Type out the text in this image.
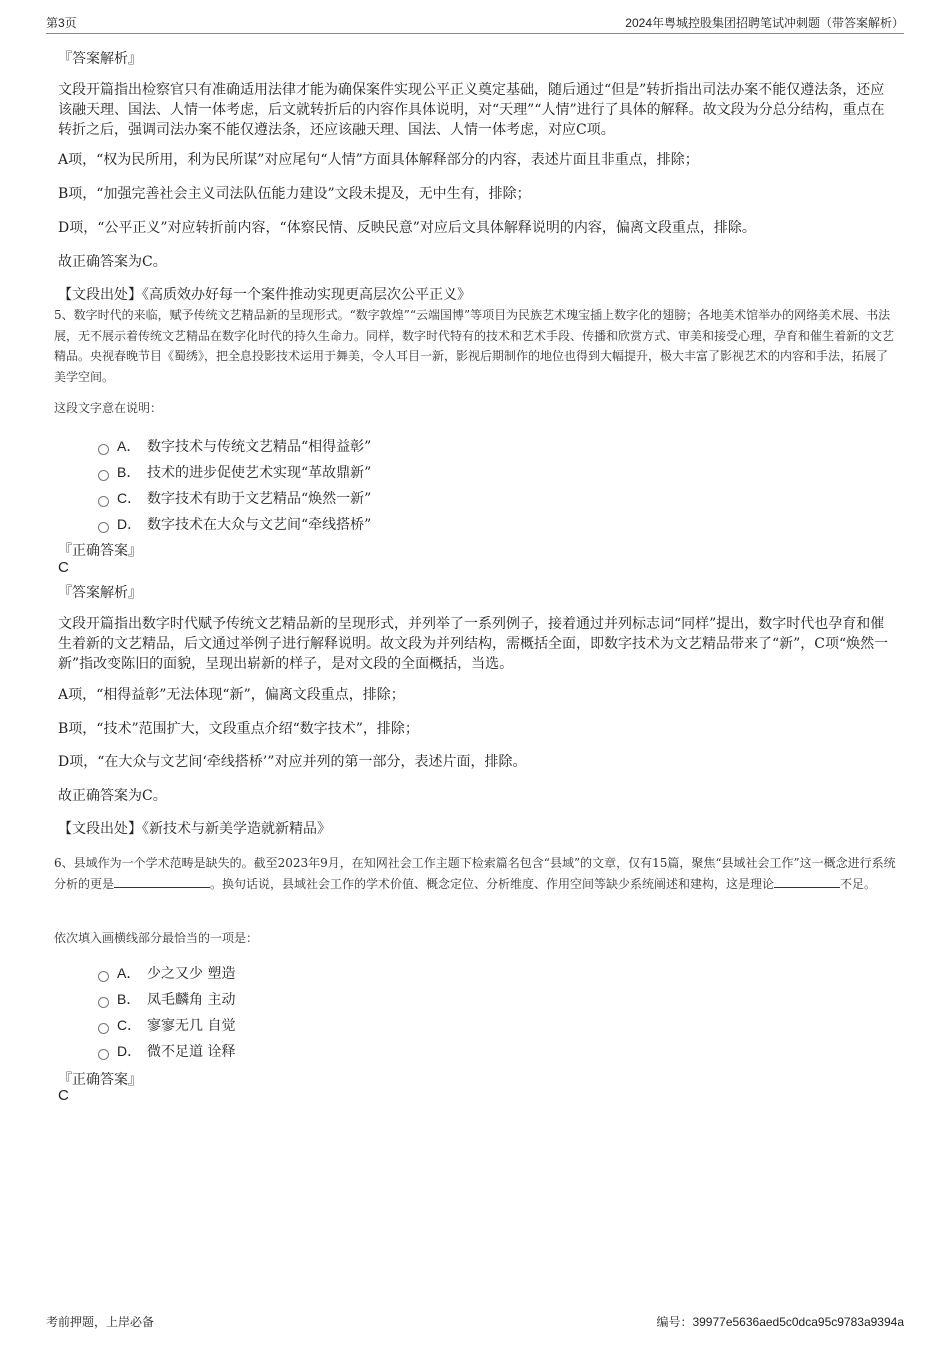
第3页	2024年粤城控股集团招聘笔试冲刺题（带答案解析）
『答案解析』
文段开篇指出检察官只有准确适用法律才能为确保案件实现公平正义奠定基础，随后通过“但是”转折指出司法办案不能仅遵法条，还应该融天理、国法、人情一体考虑，后文就转折后的内容作具体说明，对“天理”“人情”进行了具体的解释。故文段为分总分结构，重点在转折之后，强调司法办案不能仅遵法条，还应该融天理、国法、人情一体考虑，对应C项。
A项，“权为民所用，利为民所谋”对应尾句“人情”方面具体解释部分的内容，表述片面且非重点，排除；
B项，“加强完善社会主义司法队伍能力建设”文段未提及，无中生有，排除；
D项，“公平正义”对应转折前内容，“体察民情、反映民意”对应后文具体解释说明的内容，偏离文段重点，排除。
故正确答案为C。
【文段出处】《高质效办好每一个案件推动实现更高层次公平正义》
5、数字时代的来临，赋予传统文艺精品新的呈现形式。“数字敦煌”“云端国博”等项目为民族艺术瑰宝插上数字化的翅膀；各地美术馆举办的网络美术展、书法展，无不展示着传统文艺精品在数字化时代的持久生命力。同样，数字时代特有的技术和艺术手段、传播和欣赏方式、审美和接受心理，孕育和催生着新的文艺精品。央视春晚节目《蜀绣》，把全息投影技术运用于舞美，令人耳目一新，影视后期制作的地位也得到大幅提升，极大丰富了影视艺术的内容和手法，拓展了美学空间。
这段文字意在说明：
A． 数字技术与传统文艺精品“相得益彰”
B． 技术的进步促使艺术实现“革故鼎新”
C． 数字技术有助于文艺精品“焕然一新”
D． 数字技术在大众与文艺间“牵线搭桥”
『正确答案』
C
『答案解析』
文段开篇指出数字时代赋予传统文艺精品新的呈现形式，并列举了一系列例子，接着通过并列标志词“同样”提出，数字时代也孕育和催生着新的文艺精品，后文通过举例子进行解释说明。故文段为并列结构，需概括全面，即数字技术为文艺精品带来了“新”，C项“焕然一新”指改变陈旧的面貌，呈现出崭新的样子，是对文段的全面概括，当选。
A项，“相得益彰”无法体现“新”，偏离文段重点，排除；
B项，“技术”范围扩大，文段重点介绍“数字技术”，排除；
D项，“在大众与文艺间‘牵线搭桥’”对应并列的第一部分，表述片面，排除。
故正确答案为C。
【文段出处】《新技术与新美学造就新精品》
6、县域作为一个学术范畴是缺失的。截至2023年9月，在知网社会工作主题下检索篇名包含“县域”的文章，仅有15篇，聚焦“县域社会工作”这一概念进行系统分析的更是	。换句话说，县域社会工作的学术价值、概念定位、分析维度、作用空间等缺少系统阐述和建构，这是理论	不足。
依次填入画横线部分最恰当的一项是：
A． 少之又少 塑造
B． 凤毛麟角 主动
C． 寥寥无几 自觉
D． 微不足道 诠释
『正确答案』
C
考前押题，上岸必备	编号：39977e5636aed5c0dca95c9783a9394a
